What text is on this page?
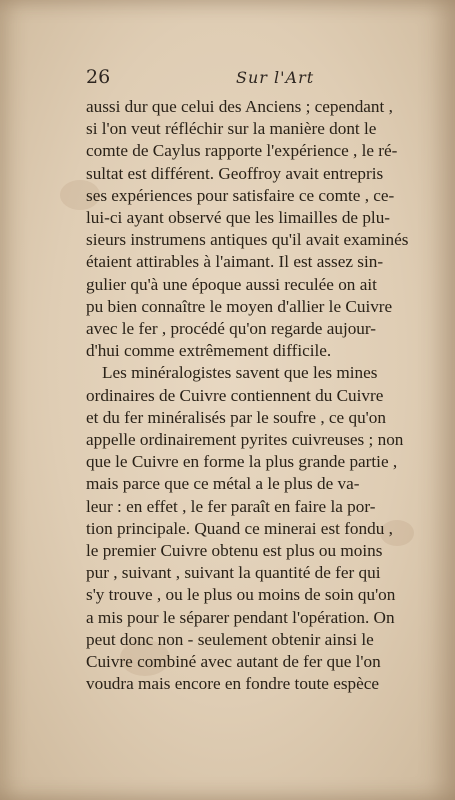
26	Sur l'Art
aussi dur que celui des Anciens ; cependant ,
si l'on veut réfléchir sur la manière dont le
comte de Caylus rapporte l'expérience , le ré-
sultat est différent. Geoffroy avait entrepris
ses expériences pour satisfaire ce comte , ce-
lui-ci ayant observé que les limailles de plu-
sieurs instrumens antiques qu'il avait examinés
étaient attirables à l'aimant. Il est assez sin-
gulier qu'à une époque aussi reculée on ait
pu bien connaître le moyen d'allier le Cuivre
avec le fer , procédé qu'on regarde aujour-
d'hui comme extrêmement difficile.
Les minéralogistes savent que les mines
ordinaires de Cuivre contiennent du Cuivre
et du fer minéralisés par le soufre , ce qu'on
appelle ordinairement pyrites cuivreuses ; non
que le Cuivre en forme la plus grande partie ,
mais parce que ce métal a le plus de va-
leur : en effet , le fer paraît en faire la por-
tion principale. Quand ce minerai est fondu ,
le premier Cuivre obtenu est plus ou moins
pur , suivant , suivant la quantité de fer qui
s'y trouve , ou le plus ou moins de soin qu'on
a mis pour le séparer pendant l'opération. On
peut donc non - seulement obtenir ainsi le
Cuivre combiné avec autant de fer que l'on
voudra mais encore en fondre toute espèce
